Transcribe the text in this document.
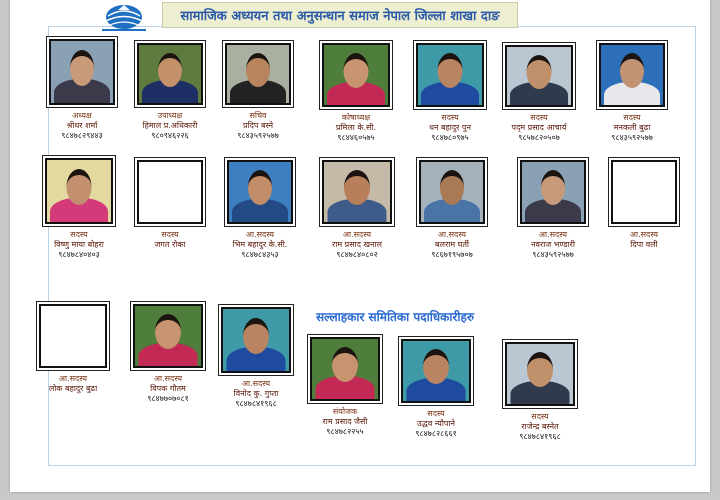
सामाजिक अध्ययन तथा अनुसन्धान समाज नेपाल जिल्ला शाखा दाङ
सल्लाहकार समितिका पदाधिकारीहरु
अध्यक्ष
श्रीधर शर्मा
९८४७८२९४४३
उपाध्यक्ष
हिमाल प्र.अधिकारी
९८०९४६२२६
सचिव
प्रदिप बस्ने
९८४३५९२५७७
कोषाध्यक्ष
प्रमिला के.सी.
९८४४६०५७५
सदस्य
धन बहादुर पुन
९८४७८०९७५
सदस्य
पद्‌म प्रसाद आचार्य
९८५७८२०५०७
सदस्य
मनकली बुढा
९८४३५९२५७७
सदस्य
विष्णु माया बोहरा
९८४७८४०४०३
सदस्य
जगत रोका
आ.सदस्य
भिम बहादुर के.सी.
९८४७८४३५३
आ.सदस्य
राम प्रसाद खनाल
९८४७८४०८०२
आ.सदस्य
बलराम घर्ती
९८६७१९५७०७
आ.सदस्य
नवराज भण्डारी
९८४३५९२५७७
आ.सदस्य
दिपा वली
आ.सदस्य
लोक बहादुर बुढा
आ.सदस्य
विपक गौतम
९८४७७०७०८१
आ.सदस्य
विनोद कु. गुप्ता
९८४७८४१९६८
संयोजक
राम प्रसाद जैसी
९८४७८२२५५
सदस्य
उद्धव न्यौपाने
९८४७८२८६६१
सदस्य
राजेन्द्र बस्नेत
९८४७८४१९६८
